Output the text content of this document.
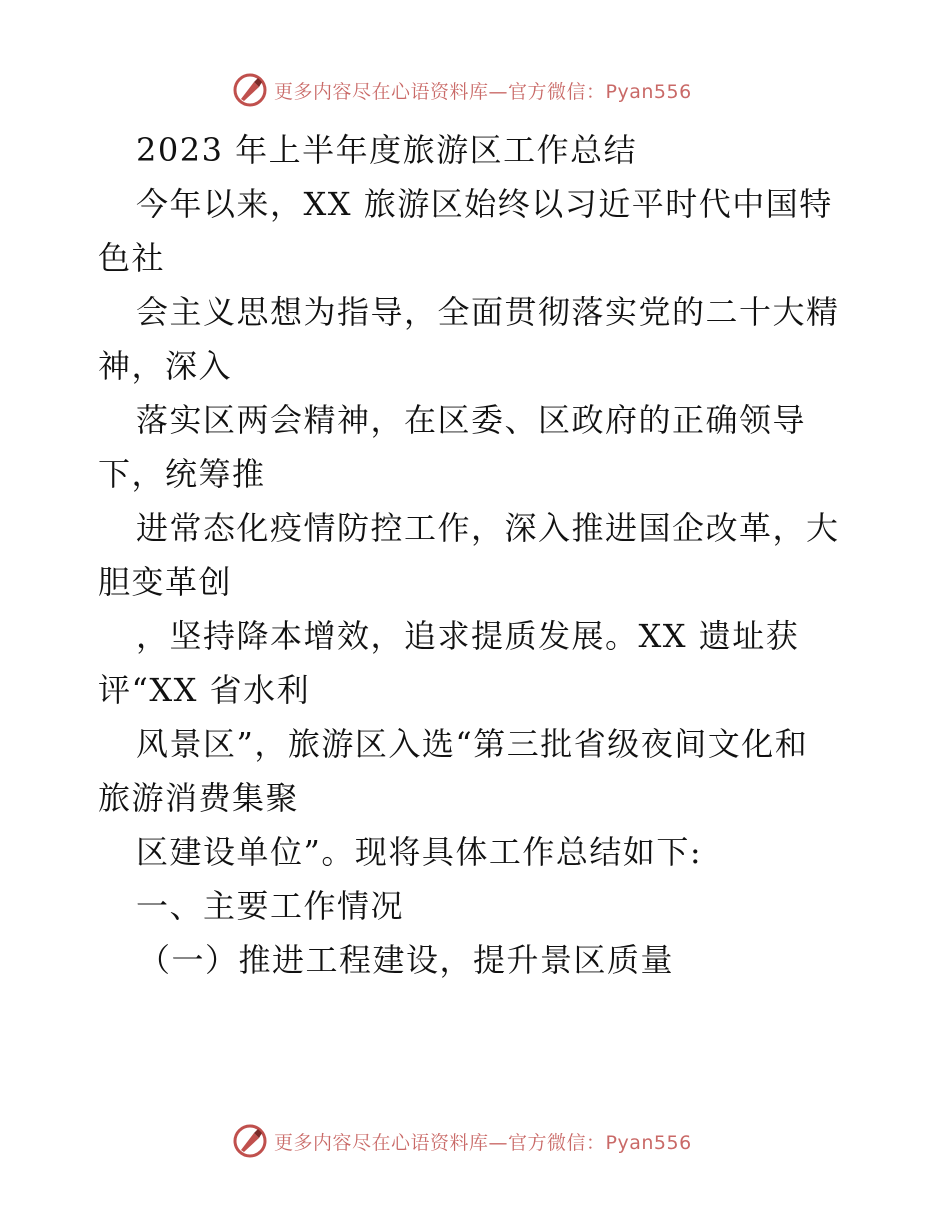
更多内容尽在心语资料库—官方微信：Pyan556
2023 年上半年度旅游区工作总结
今年以来，XX 旅游区始终以习近平时代中国特
色社
会主义思想为指导，全面贯彻落实党的二十大精
神，深入
落实区两会精神，在区委、区政府的正确领导
下，统筹推
进常态化疫情防控工作，深入推进国企改革，大
胆变革创
，坚持降本增效，追求提质发展。XX 遗址获
评“XX 省水利
风景区”，旅游区入选“第三批省级夜间文化和
旅游消费集聚
区建设单位”。现将具体工作总结如下:
一、主要工作情况
（一）推进工程建设，提升景区质量
更多内容尽在心语资料库—官方微信：Pyan556
